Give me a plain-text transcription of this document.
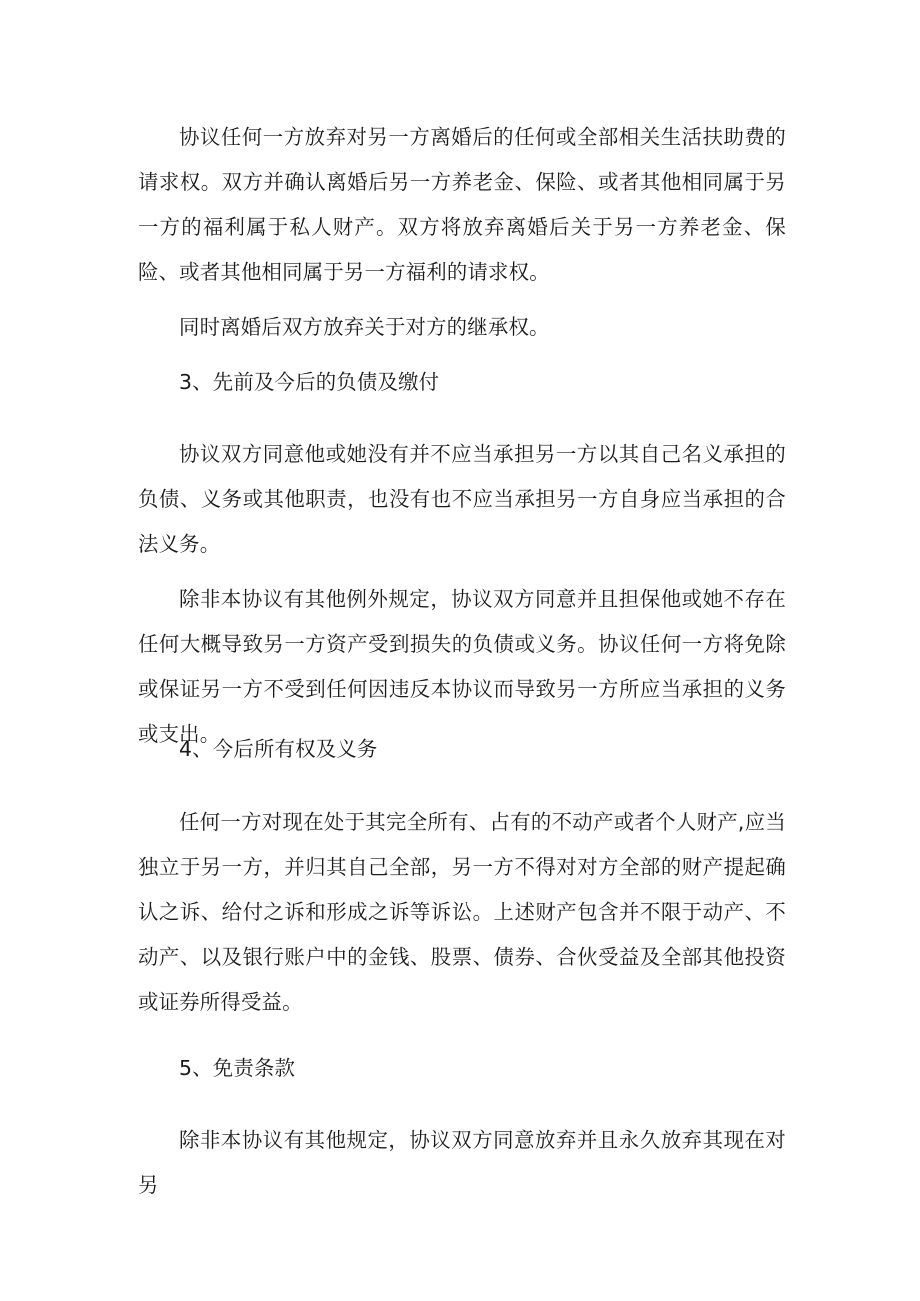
协议任何一方放弃对另一方离婚后的任何或全部相关生活扶助费的请求权。双方并确认离婚后另一方养老金、保险、或者其他相同属于另一方的福利属于私人财产。双方将放弃离婚后关于另一方养老金、保险、或者其他相同属于另一方福利的请求权。

同时离婚后双方放弃关于对方的继承权。

3、先前及今后的负债及缴付

协议双方同意他或她没有并不应当承担另一方以其自己名义承担的负债、义务或其他职责，也没有也不应当承担另一方自身应当承担的合法义务。

除非本协议有其他例外规定，协议双方同意并且担保他或她不存在任何大概导致另一方资产受到损失的负债或义务。协议任何一方将免除或保证另一方不受到任何因违反本协议而导致另一方所应当承担的义务或支出。

4、今后所有权及义务

任何一方对现在处于其完全所有、占有的不动产或者个人财产,应当独立于另一方，并归其自己全部，另一方不得对对方全部的财产提起确认之诉、给付之诉和形成之诉等诉讼。上述财产包含并不限于动产、不动产、以及银行账户中的金钱、股票、债券、合伙受益及全部其他投资或证券所得受益。

5、免责条款

除非本协议有其他规定，协议双方同意放弃并且永久放弃其现在对另
